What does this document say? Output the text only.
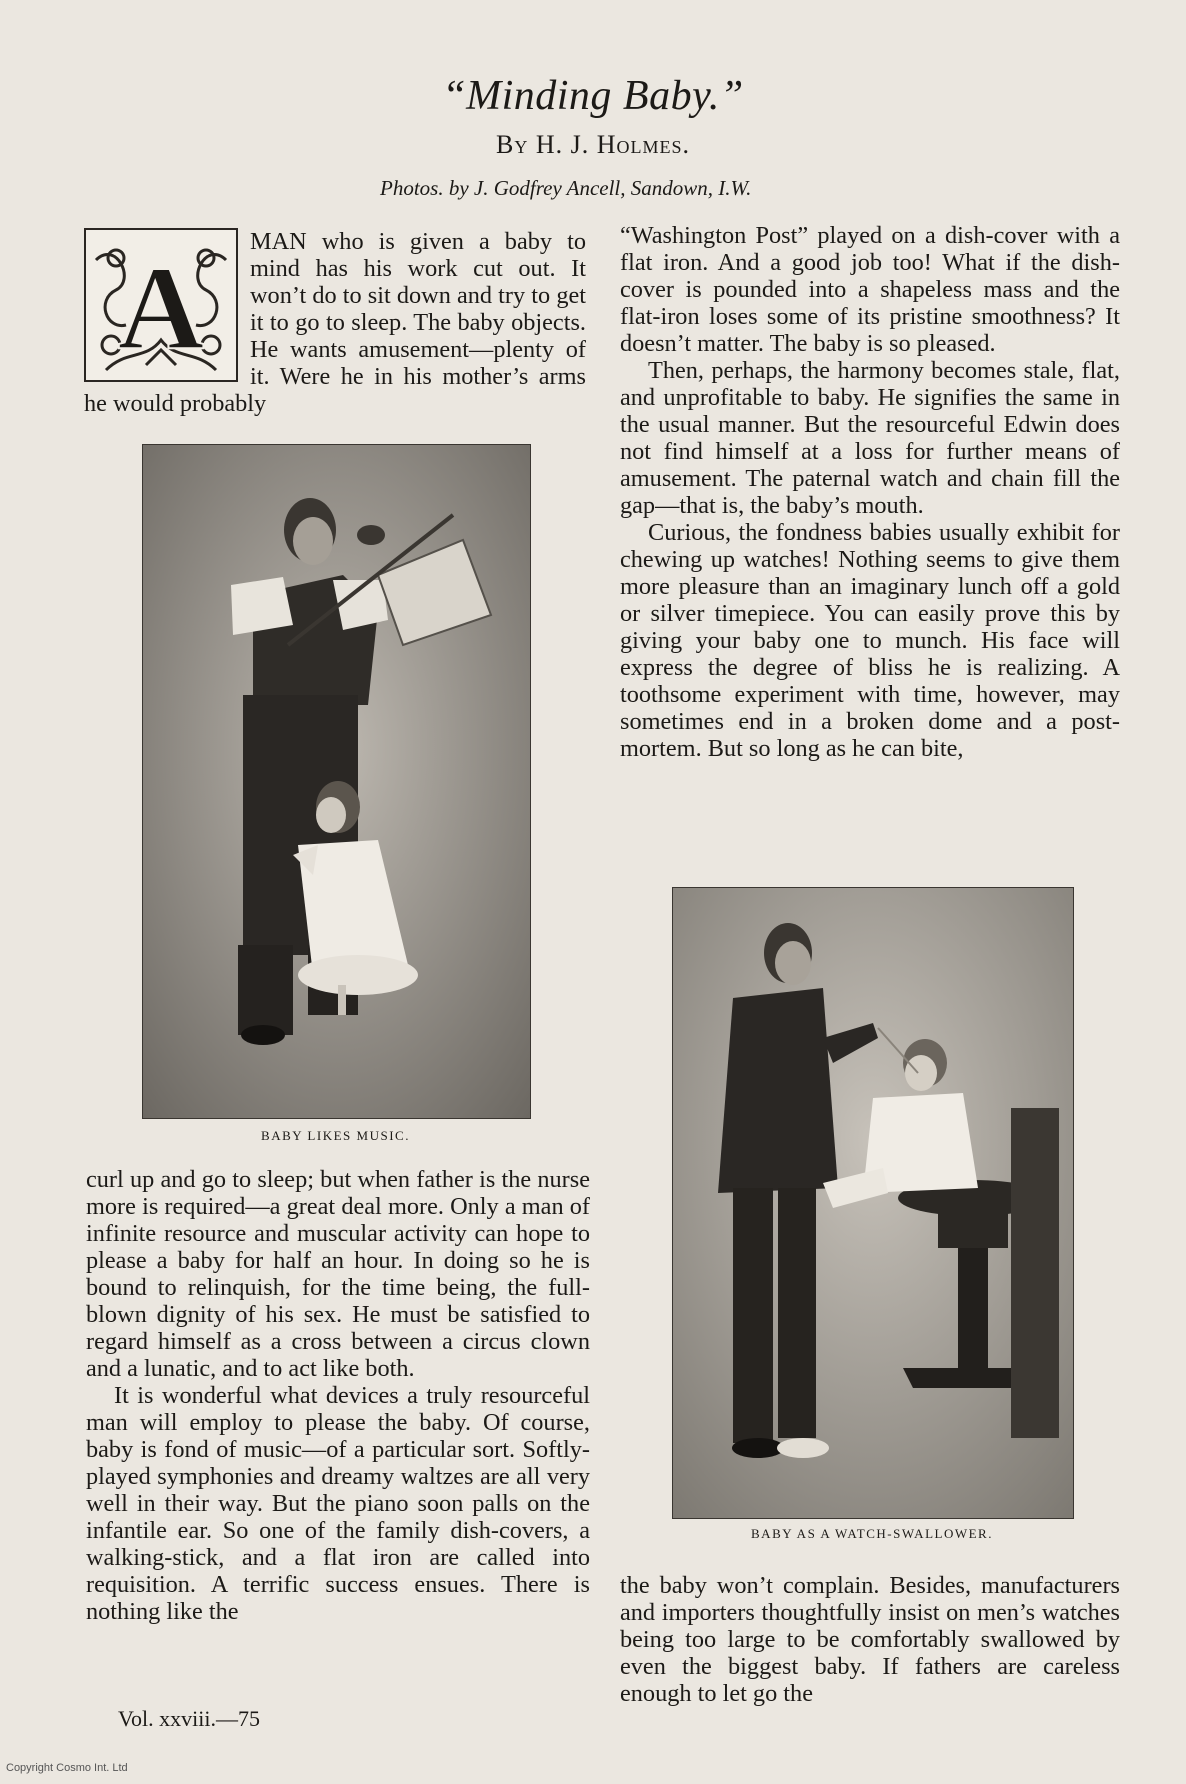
“Minding Baby.”
By H. J. Holmes.
Photos. by J. Godfrey Ancell, Sandown, I.W.
A	MAN who is given a baby to mind has his work cut out. It won’t do to sit down and try to get it to go to sleep. The baby objects. He wants amusement—plenty of it. Were he in his mother’s arms he would probably

BABY LIKES MUSIC.

curl up and go to sleep; but when father is the nurse more is required—a great deal more. Only a man of infinite resource and muscular activity can hope to please a baby for half an hour. In doing so he is bound to relinquish, for the time being, the full-blown dignity of his sex. He must be satisfied to regard himself as a cross between a circus clown and a lunatic, and to act like both.

It is wonderful what devices a truly resourceful man will employ to please the baby. Of course, baby is fond of music—of a particular sort. Softly-played symphonies and dreamy waltzes are all very well in their way. But the piano soon palls on the infantile ear. So one of the family dish-covers, a walking-stick, and a flat iron are called into requisition. A terrific success ensues. There is nothing like the

“Washington Post” played on a dish-cover with a flat iron. And a good job too! What if the dish-cover is pounded into a shapeless mass and the flat-iron loses some of its pristine smoothness? It doesn’t matter. The baby is so pleased.

Then, perhaps, the harmony becomes stale, flat, and unprofitable to baby. He signifies the same in the usual manner. But the resourceful Edwin does not find himself at a loss for further means of amusement. The paternal watch and chain fill the gap—that is, the baby’s mouth.

Curious, the fondness babies usually exhibit for chewing up watches! Nothing seems to give them more pleasure than an imaginary lunch off a gold or silver timepiece. You can easily prove this by giving your baby one to munch. His face will express the degree of bliss he is realizing. A toothsome experiment with time, however, may sometimes end in a broken dome and a post-mortem. But so long as he can bite,

BABY AS A WATCH-SWALLOWER.

the baby won’t complain. Besides, manufacturers and importers thoughtfully insist on men’s watches being too large to be comfortably swallowed by even the biggest baby. If fathers are careless enough to let go the

Vol. xxviii.—75
Copyright Cosmo Int. Ltd
